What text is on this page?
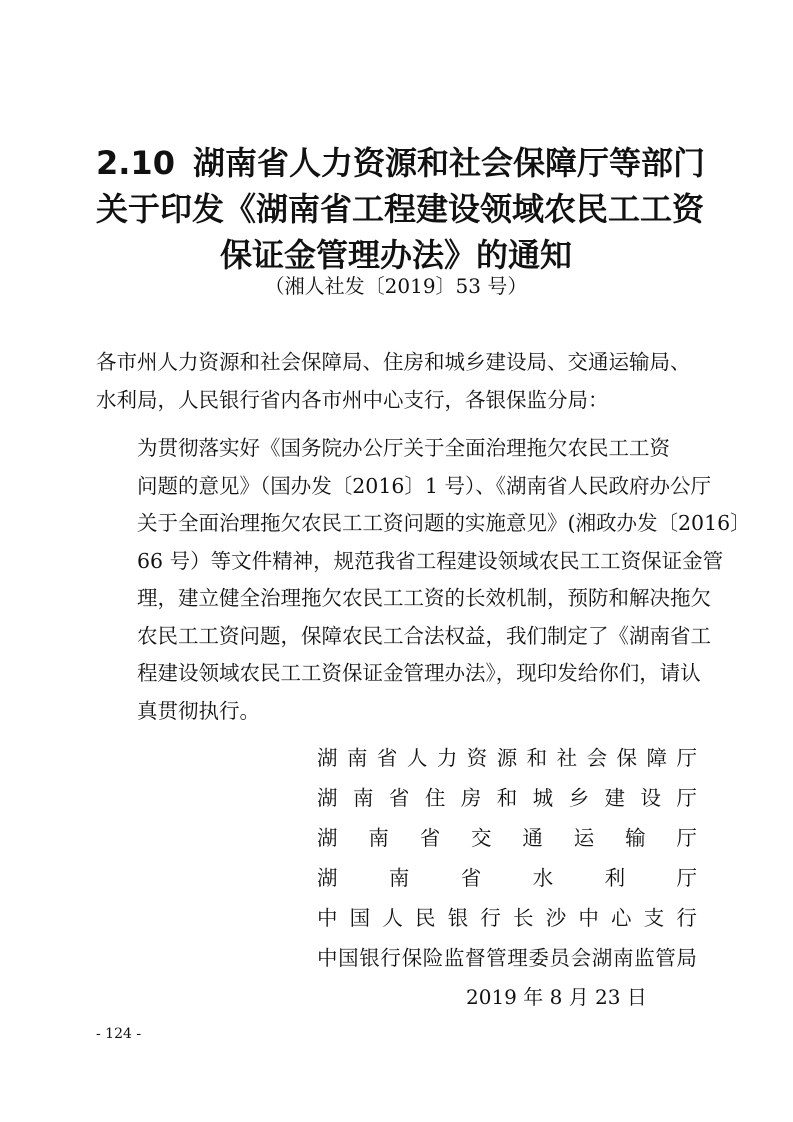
2.10 湖南省人力资源和社会保障厅等部门
关于印发《湖南省工程建设领域农民工工资
保证金管理办法》的通知
（湘人社发〔2019〕53 号）
各市州人力资源和社会保障局、住房和城乡建设局、交通运输局、
水利局，人民银行省内各市州中心支行，各银保监分局：
为贯彻落实好《国务院办公厅关于全面治理拖欠农民工工资
问题的意见》（国办发〔2016〕1 号）、《湖南省人民政府办公厅
关于全面治理拖欠农民工工资问题的实施意见》(湘政办发〔2016〕
66 号）等文件精神，规范我省工程建设领域农民工工资保证金管
理，建立健全治理拖欠农民工工资的长效机制，预防和解决拖欠
农民工工资问题，保障农民工合法权益，我们制定了《湖南省工
程建设领域农民工工资保证金管理办法》，现印发给你们，请认
真贯彻执行。
湖 南 省 人 力 资 源 和 社 会 保 障 厅
湖 南 省 住 房 和 城 乡 建 设 厅
湖 南 省 交 通 运 输 厅
湖	南	省	水	利	厅
中 国 人 民 银 行 长 沙 中 心 支 行
中 国 银 行 保 险 监 督 管 理 委 员 会 湖 南 监 管 局
2019 年 8 月 23 日
- 124 -
